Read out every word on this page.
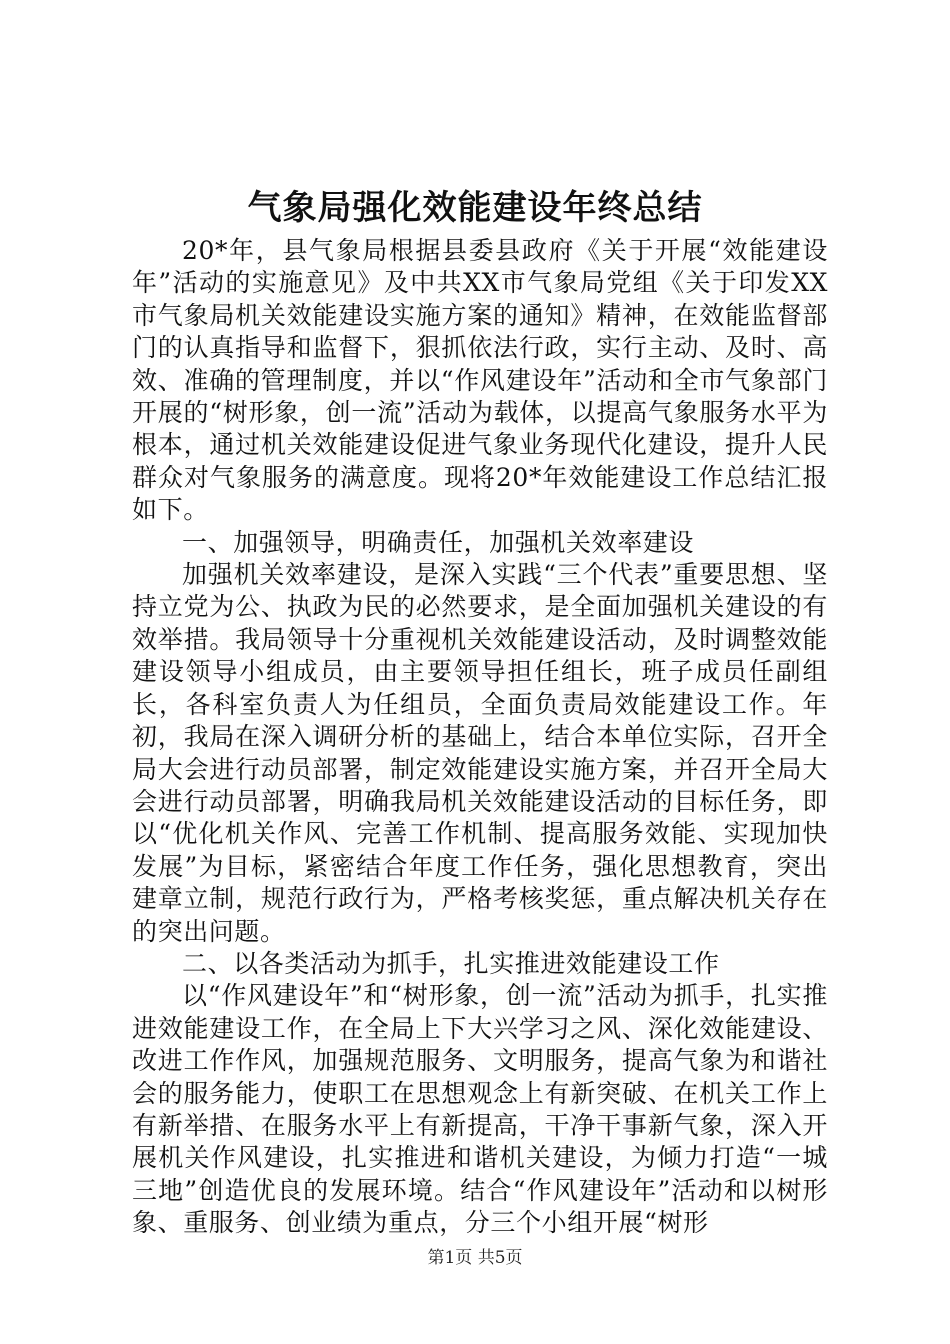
气象局强化效能建设年终总结

20*年，县气象局根据县委县政府《关于开展“效能建设年”活动的实施意见》及中共XX市气象局党组《关于印发XX市气象局机关效能建设实施方案的通知》精神，在效能监督部门的认真指导和监督下，狠抓依法行政，实行主动、及时、高效、准确的管理制度，并以“作风建设年”活动和全市气象部门开展的“树形象，创一流”活动为载体，以提高气象服务水平为根本，通过机关效能建设促进气象业务现代化建设，提升人民群众对气象服务的满意度。现将20*年效能建设工作总结汇报如下。

一、加强领导，明确责任，加强机关效率建设

加强机关效率建设，是深入实践“三个代表”重要思想、坚持立党为公、执政为民的必然要求，是全面加强机关建设的有效举措。我局领导十分重视机关效能建设活动，及时调整效能建设领导小组成员，由主要领导担任组长，班子成员任副组长，各科室负责人为任组员，全面负责局效能建设工作。年初，我局在深入调研分析的基础上，结合本单位实际，召开全局大会进行动员部署，制定效能建设实施方案，并召开全局大会进行动员部署，明确我局机关效能建设活动的目标任务，即以“优化机关作风、完善工作机制、提高服务效能、实现加快发展”为目标，紧密结合年度工作任务，强化思想教育，突出建章立制，规范行政行为，严格考核奖惩，重点解决机关存在的突出问题。

二、以各类活动为抓手，扎实推进效能建设工作

以“作风建设年”和“树形象，创一流”活动为抓手，扎实推进效能建设工作，在全局上下大兴学习之风、深化效能建设、改进工作作风，加强规范服务、文明服务，提高气象为和谐社会的服务能力，使职工在思想观念上有新突破、在机关工作上有新举措、在服务水平上有新提高，干净干事新气象，深入开展机关作风建设，扎实推进和谐机关建设，为倾力打造“一城三地”创造优良的发展环境。结合“作风建设年”活动和以树形象、重服务、创业绩为重点，分三个小组开展“树形

第1页 共5页
